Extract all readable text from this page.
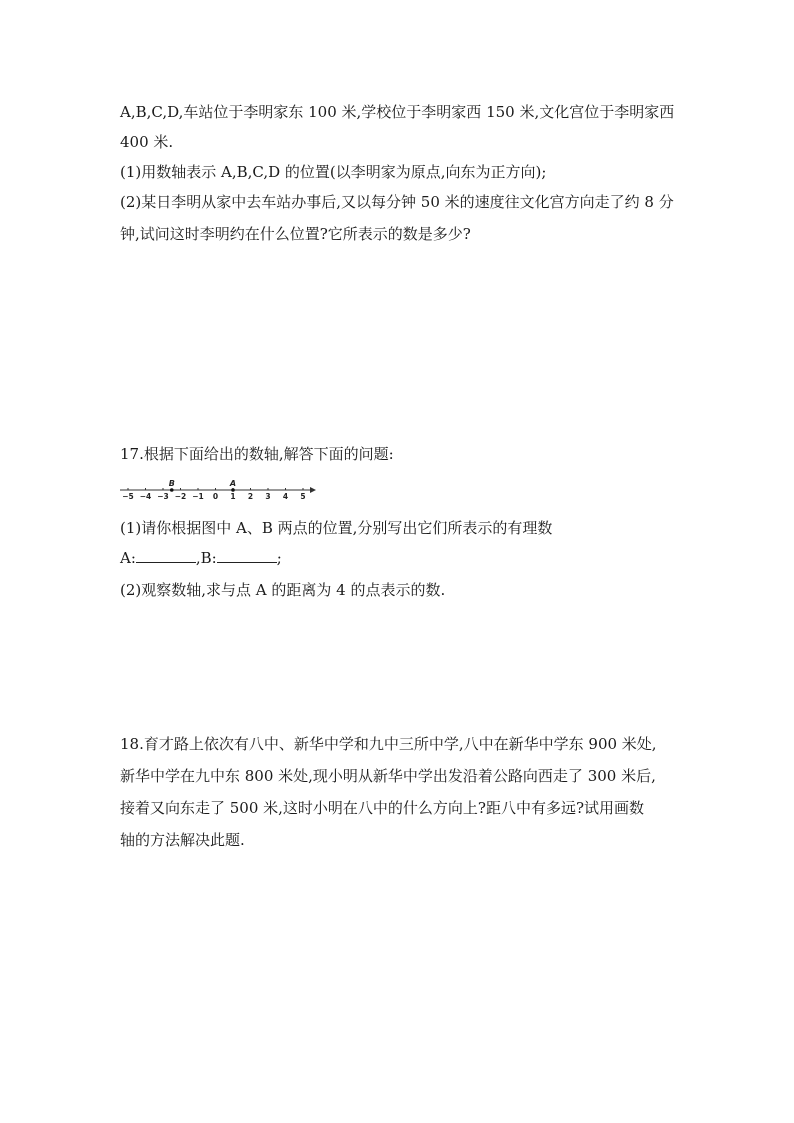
A,B,C,D,车站位于李明家东 100 米,学校位于李明家西 150 米,文化宫位于李明家西
400 米.
(1)用数轴表示 A,B,C,D 的位置(以李明家为原点,向东为正方向);
(2)某日李明从家中去车站办事后,又以每分钟 50 米的速度往文化宫方向走了约 8 分
钟,试问这时李明约在什么位置?它所表示的数是多少?
17.根据下面给出的数轴,解答下面的问题:
−5 −4 −3 −2 −1 0 1 2 3 4 5
A
B
(1)请你根据图中 A、B 两点的位置,分别写出它们所表示的有理数
A:	,B:	;
(2)观察数轴,求与点 A 的距离为 4 的点表示的数.
18.育才路上依次有八中、新华中学和九中三所中学,八中在新华中学东 900 米处,
新华中学在九中东 800 米处,现小明从新华中学出发沿着公路向西走了 300 米后,
接着又向东走了 500 米,这时小明在八中的什么方向上?距八中有多远?试用画数
轴的方法解决此题.
